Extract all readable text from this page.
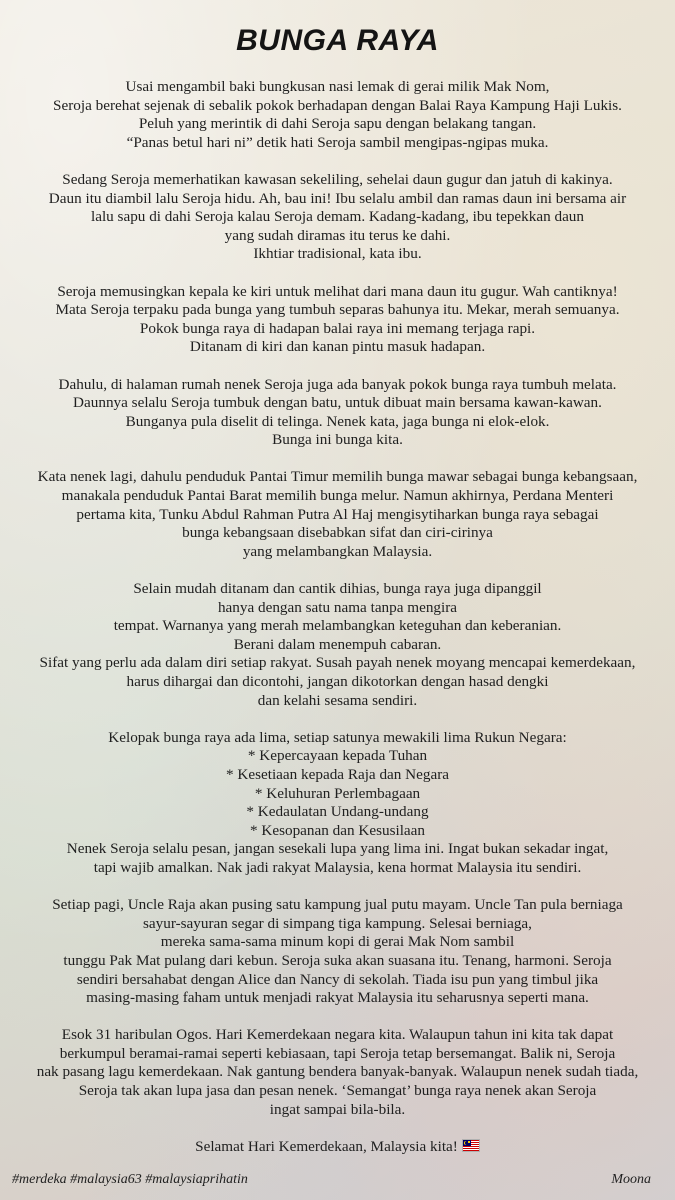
BUNGA RAYA
Usai mengambil baki bungkusan nasi lemak di gerai milik Mak Nom,
Seroja berehat sejenak di sebalik pokok berhadapan dengan Balai Raya Kampung Haji Lukis.
Peluh yang merintik di dahi Seroja sapu dengan belakang tangan.
“Panas betul hari ni” detik hati Seroja sambil mengipas-ngipas muka.
Sedang Seroja memerhatikan kawasan sekeliling, sehelai daun gugur dan jatuh di kakinya.
Daun itu diambil lalu Seroja hidu. Ah, bau ini! Ibu selalu ambil dan ramas daun ini bersama air
lalu sapu di dahi Seroja kalau Seroja demam. Kadang-kadang, ibu tepekkan daun
yang sudah diramas itu terus ke dahi.
Ikhtiar tradisional, kata ibu.
Seroja memusingkan kepala ke kiri untuk melihat dari mana daun itu gugur. Wah cantiknya!
Mata Seroja terpaku pada bunga yang tumbuh separas bahunya itu. Mekar, merah semuanya.
Pokok bunga raya di hadapan balai raya ini memang terjaga rapi.
Ditanam di kiri dan kanan pintu masuk hadapan.
Dahulu, di halaman rumah nenek Seroja juga ada banyak pokok bunga raya tumbuh melata.
Daunnya selalu Seroja tumbuk dengan batu, untuk dibuat main bersama kawan-kawan.
Bunganya pula diselit di telinga. Nenek kata, jaga bunga ni elok-elok.
Bunga ini bunga kita.
Kata nenek lagi, dahulu penduduk Pantai Timur memilih bunga mawar sebagai bunga kebangsaan,
manakala penduduk Pantai Barat memilih bunga melur. Namun akhirnya, Perdana Menteri
pertama kita, Tunku Abdul Rahman Putra Al Haj mengisytiharkan bunga raya sebagai
bunga kebangsaan disebabkan sifat dan ciri-cirinya
yang melambangkan Malaysia.
Selain mudah ditanam dan cantik dihias, bunga raya juga dipanggil
hanya dengan satu nama tanpa mengira
tempat. Warnanya yang merah melambangkan keteguhan dan keberanian.
Berani dalam menempuh cabaran.
Sifat yang perlu ada dalam diri setiap rakyat. Susah payah nenek moyang mencapai kemerdekaan,
harus dihargai dan dicontohi, jangan dikotorkan dengan hasad dengki
dan kelahi sesama sendiri.
Kelopak bunga raya ada lima, setiap satunya mewakili lima Rukun Negara:
* Kepercayaan kepada Tuhan
* Kesetiaan kepada Raja dan Negara
* Keluhuran Perlembagaan
* Kedaulatan Undang-undang
* Kesopanan dan Kesusilaan
Nenek Seroja selalu pesan, jangan sesekali lupa yang lima ini. Ingat bukan sekadar ingat,
tapi wajib amalkan. Nak jadi rakyat Malaysia, kena hormat Malaysia itu sendiri.
Setiap pagi, Uncle Raja akan pusing satu kampung jual putu mayam. Uncle Tan pula berniaga
sayur-sayuran segar di simpang tiga kampung. Selesai berniaga,
mereka sama-sama minum kopi di gerai Mak Nom sambil
tunggu Pak Mat pulang dari kebun. Seroja suka akan suasana itu. Tenang, harmoni. Seroja
sendiri bersahabat dengan Alice dan Nancy di sekolah. Tiada isu pun yang timbul jika
masing-masing faham untuk menjadi rakyat Malaysia itu seharusnya seperti mana.
Esok 31 haribulan Ogos. Hari Kemerdekaan negara kita. Walaupun tahun ini kita tak dapat
berkumpul beramai-ramai seperti kebiasaan, tapi Seroja tetap bersemangat. Balik ni, Seroja
nak pasang lagu kemerdekaan. Nak gantung bendera banyak-banyak. Walaupun nenek sudah tiada,
Seroja tak akan lupa jasa dan pesan nenek. ‘Semangat’ bunga raya nenek akan Seroja
ingat sampai bila-bila.
Selamat Hari Kemerdekaan, Malaysia kita!
#merdeka #malaysia63 #malaysiaprihatin	Moona
